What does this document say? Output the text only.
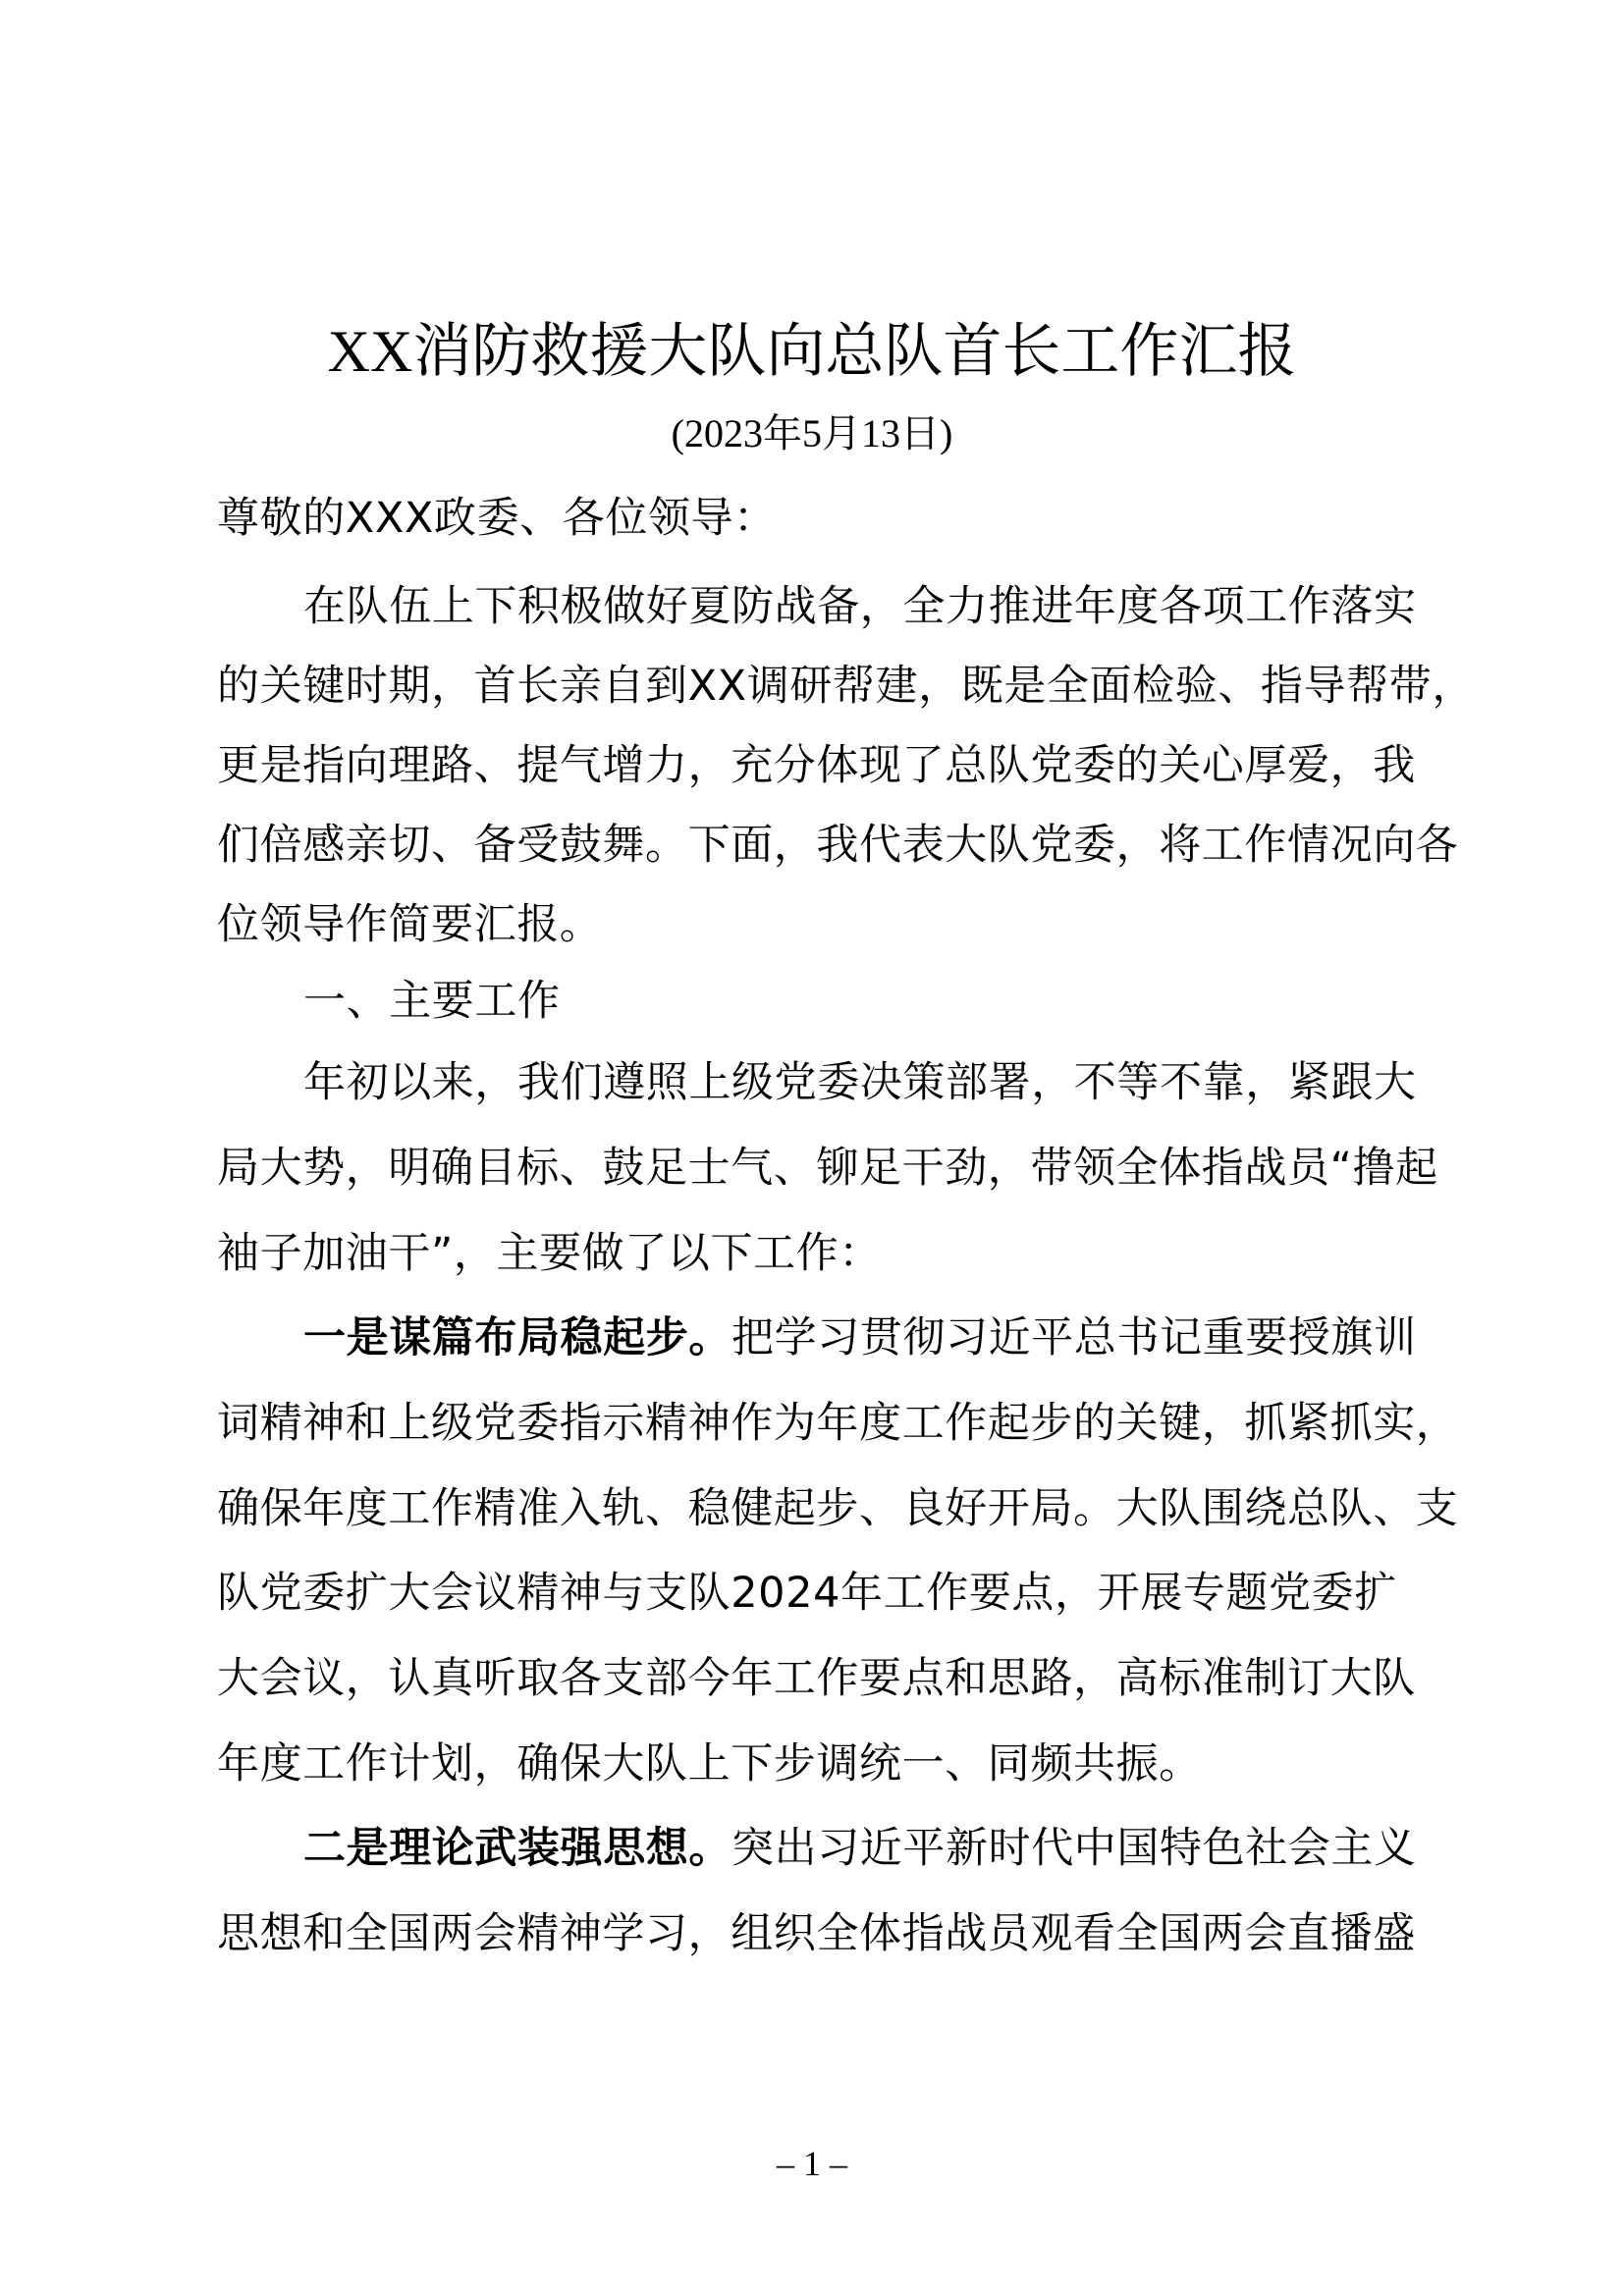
XX消防救援大队向总队首长工作汇报
(2023年5月13日)
尊敬的XXX政委、各位领导：
在队伍上下积极做好夏防战备，全力推进年度各项工作落实
的关键时期，首长亲自到XX调研帮建，既是全面检验、指导帮带，
更是指向理路、提气增力，充分体现了总队党委的关心厚爱，我
们倍感亲切、备受鼓舞。下面，我代表大队党委，将工作情况向各
位领导作简要汇报。
一、主要工作
年初以来，我们遵照上级党委决策部署，不等不靠，紧跟大
局大势，明确目标、鼓足士气、铆足干劲，带领全体指战员“撸起
袖子加油干”，主要做了以下工作：
一是谋篇布局稳起步。把学习贯彻习近平总书记重要授旗训
词精神和上级党委指示精神作为年度工作起步的关键，抓紧抓实，
确保年度工作精准入轨、稳健起步、良好开局。大队围绕总队、支
队党委扩大会议精神与支队2024年工作要点，开展专题党委扩
大会议，认真听取各支部今年工作要点和思路，高标准制订大队
年度工作计划，确保大队上下步调统一、同频共振。
二是理论武装强思想。突出习近平新时代中国特色社会主义
思想和全国两会精神学习，组织全体指战员观看全国两会直播盛
– 1 –
